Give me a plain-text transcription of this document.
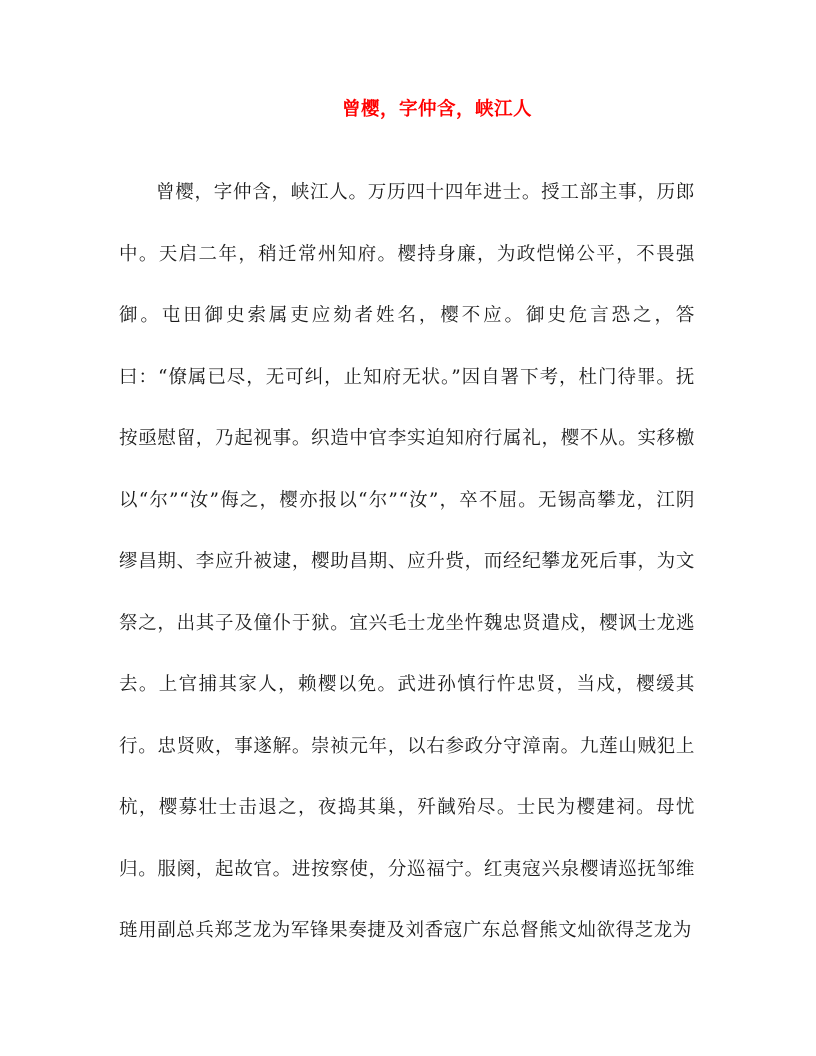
曾樱，字仲含，峡江人

曾樱，字仲含，峡江人。万历四十四年进士。授工部主事，历郎中。天启二年，稍迁常州知府。樱持身廉，为政恺悌公平，不畏强御。屯田御史索属吏应劾者姓名，樱不应。御史危言恐之，答曰：“僚属已尽，无可纠，止知府无状。”因自署下考，杜门待罪。抚按亟慰留，乃起视事。织造中官李实迫知府行属礼，樱不从。实移檄以“尔”“汝”侮之，樱亦报以“尔”“汝”，卒不屈。无锡高攀龙，江阴缪昌期、李应升被逮，樱助昌期、应升赀，而经纪攀龙死后事，为文祭之，出其子及僮仆于狱。宜兴毛士龙坐忤魏忠贤遣戍，樱讽士龙逃去。上官捕其家人，赖樱以免。武进孙慎行忤忠贤，当戍，樱缓其行。忠贤败，事遂解。崇祯元年，以右参政分守漳南。九莲山贼犯上杭，樱募壮士击退之，夜捣其巢，歼馘殆尽。士民为樱建祠。母忧归。服阕，起故官。进按察使，分巡福宁。红夷寇兴泉樱请巡抚邹维琏用副总兵郑芝龙为军锋果奏捷及刘香寇广东总督熊文灿欲得芝龙为
